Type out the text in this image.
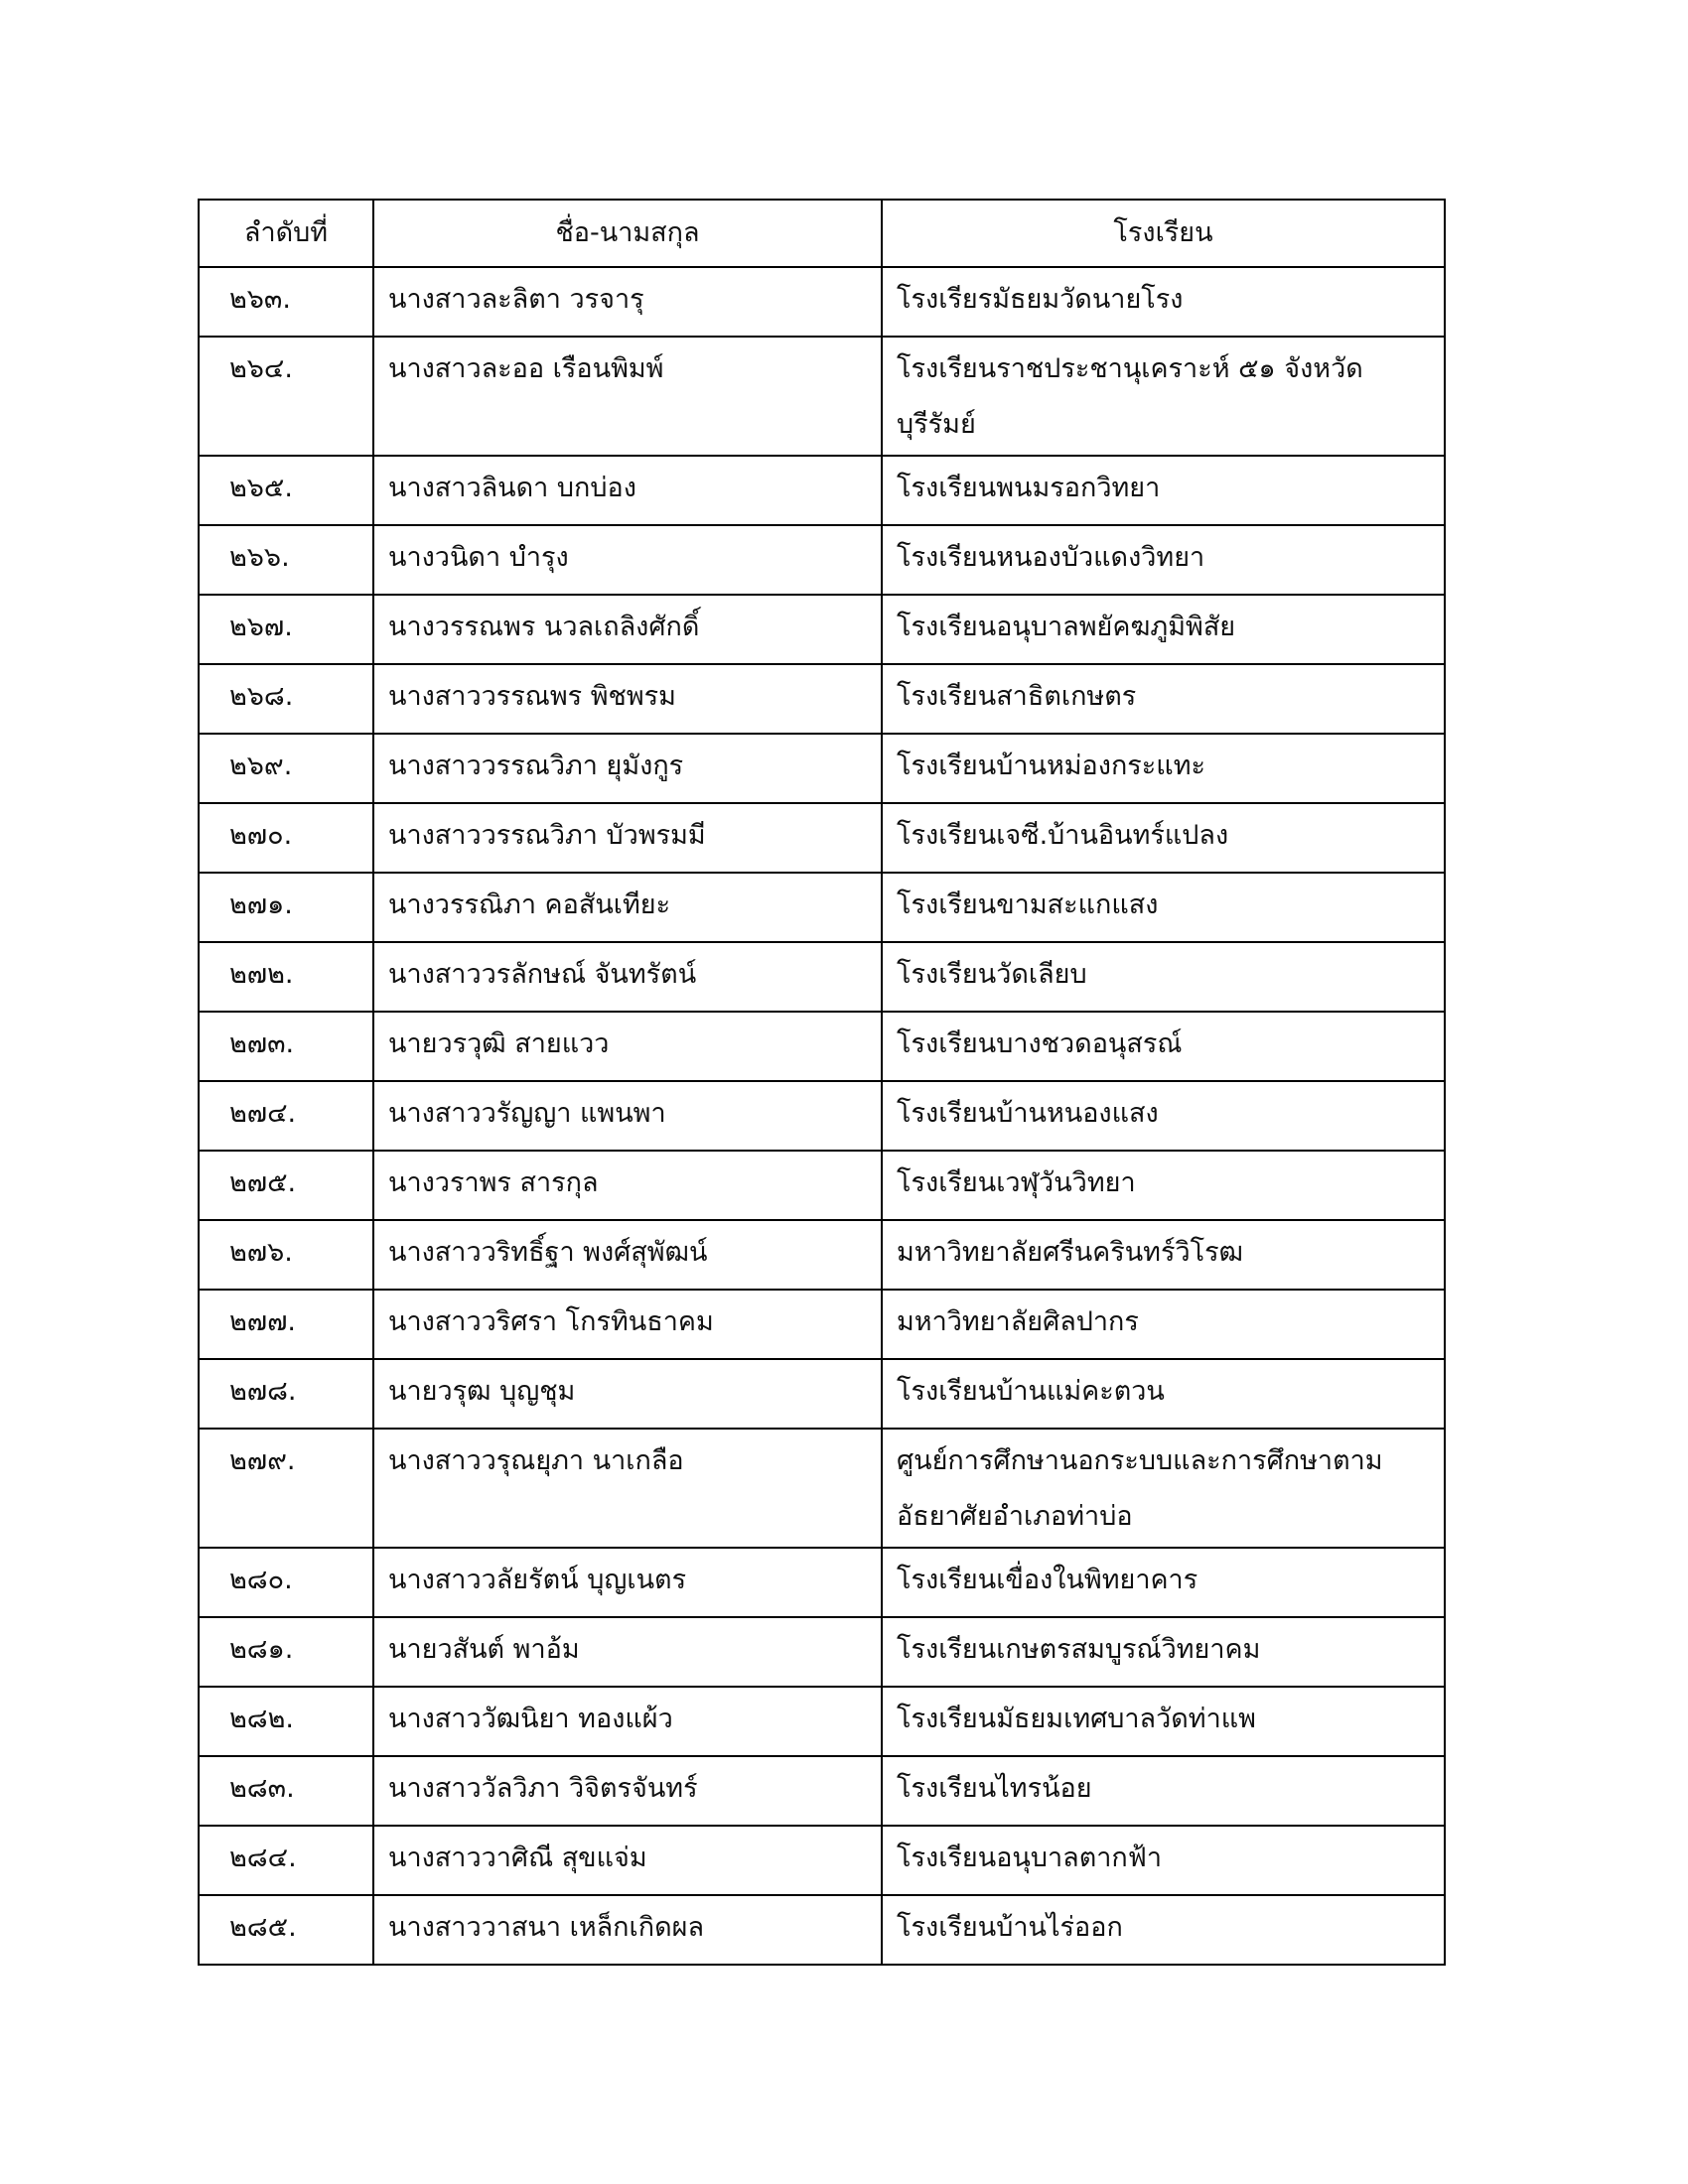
ลำดับที่	ชื่อ-นามสกุล	โรงเรียน
๒๖๓.	นางสาวละลิตา วรจารุ	โรงเรียรมัธยมวัดนายโรง

๒๖๔.	นางสาวละออ เรือนพิมพ์	โรงเรียนราชประชานุเคราะห์ ๕๑ จังหวัด
บุรีรัมย์

๒๖๕.	นางสาวลินดา บกบ่อง	โรงเรียนพนมรอกวิทยา

๒๖๖.	นางวนิดา บำรุง	โรงเรียนหนองบัวแดงวิทยา

๒๖๗.	นางวรรณพร นวลเถลิงศักดิ์	โรงเรียนอนุบาลพยัคฆภูมิพิสัย

๒๖๘.	นางสาววรรณพร พิชพรม	โรงเรียนสาธิตเกษตร

๒๖๙.	นางสาววรรณวิภา ยุมังกูร	โรงเรียนบ้านหม่องกระแทะ

๒๗๐.	นางสาววรรณวิภา บัวพรมมี	โรงเรียนเจซี.บ้านอินทร์แปลง

๒๗๑.	นางวรรณิภา คอสันเทียะ	โรงเรียนขามสะแกแสง

๒๗๒.	นางสาววรลักษณ์ จันทรัตน์	โรงเรียนวัดเลียบ

๒๗๓.	นายวรวุฒิ สายแวว	โรงเรียนบางชวดอนุสรณ์

๒๗๔.	นางสาววรัญญา แพนพา	โรงเรียนบ้านหนองแสง

๒๗๕.	นางวราพร สารกุล	โรงเรียนเวฬุวันวิทยา

๒๗๖.	นางสาววริทธิ์ฐา พงศ์สุพัฒน์	มหาวิทยาลัยศรีนครินทร์วิโรฒ

๒๗๗.	นางสาววริศรา โกรทินธาคม	มหาวิทยาลัยศิลปากร

๒๗๘.	นายวรุฒ บุญชุม	โรงเรียนบ้านแม่คะตวน

๒๗๙.	นางสาววรุณยุภา นาเกลือ	ศูนย์การศึกษานอกระบบและการศึกษาตาม
อัธยาศัยอำเภอท่าบ่อ

๒๘๐.	นางสาววลัยรัตน์ บุญเนตร	โรงเรียนเขื่องในพิทยาคาร

๒๘๑.	นายวสันต์ พาอ้ม	โรงเรียนเกษตรสมบูรณ์วิทยาคม

๒๘๒.	นางสาววัฒนิยา ทองแผ้ว	โรงเรียนมัธยมเทศบาลวัดท่าแพ

๒๘๓.	นางสาววัลวิภา วิจิตรจันทร์	โรงเรียนไทรน้อย

๒๘๔.	นางสาววาศิณี สุขแจ่ม	โรงเรียนอนุบาลตากฟ้า

๒๘๕.	นางสาววาสนา เหล็กเกิดผล	โรงเรียนบ้านไร่ออก
